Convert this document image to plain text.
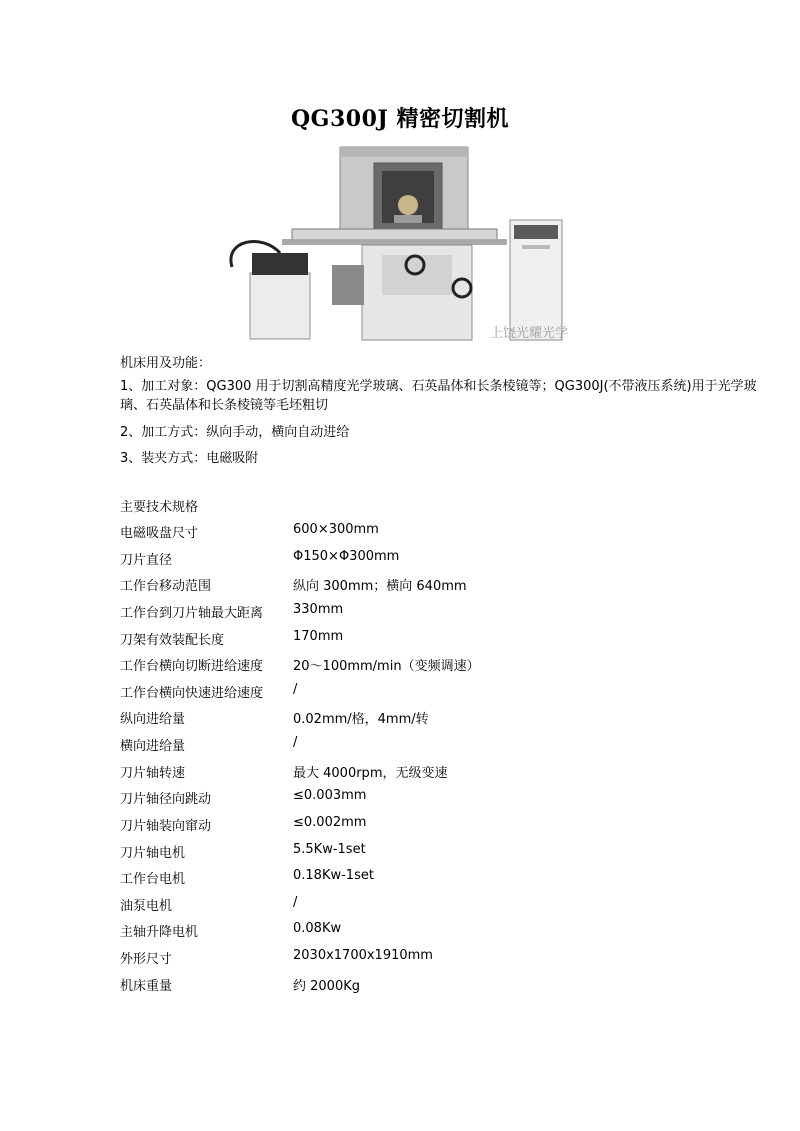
QG300J 精密切割机
上饶光耀光学
机床用及功能：
1、加工对象：QG300 用于切割高精度光学玻璃、石英晶体和长条棱镜等；QG300J(不带液压系统)用于光学玻璃、石英晶体和长条棱镜等毛坯粗切
2、加工方式：纵向手动，横向自动进给
3、装夹方式：电磁吸附
主要技术规格
电磁吸盘尺寸	600×300mm
刀片直径	Φ150×Φ300mm
工作台移动范围	纵向 300mm；横向 640mm
工作台到刀片轴最大距离 330mm
刀架有效装配长度	170mm
工作台横向切断进给速度 20～100mm/min（变频调速）
工作台横向快速进给速度 /
纵向进给量	0.02mm/格，4mm/转
横向进给量	/
刀片轴转速	最大 4000rpm，无级变速
刀片轴径向跳动	≤0.003mm
刀片轴装向窜动	≤0.002mm
刀片轴电机	5.5Kw-1set
工作台电机	0.18Kw-1set
油泵电机	/
主轴升降电机	0.08Kw
外形尺寸	2030x1700x1910mm
机床重量	约 2000Kg
